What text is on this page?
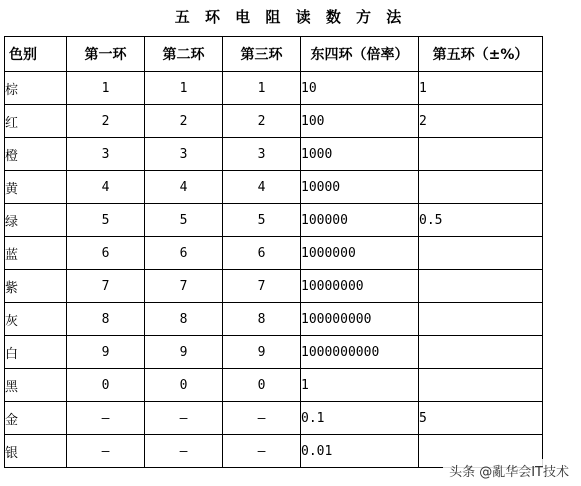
五 环 电 阻 读 数 方 法
色别	第一环	第二环	第三环	东四环（倍率）	第五环（±%）
棕	1	1	1	10	1
红	2	2	2	100	2
橙	3	3	3	1000	
黄	4	4	4	10000	
绿	5	5	5	100000	0.5
蓝	6	6	6	1000000	
紫	7	7	7	10000000	
灰	8	8	8	100000000	
白	9	9	9	1000000000	
黑	0	0	0	1	
金	—	—	—	0.1	5
银	—	—	—	0.01	
头条 @亂华会IT技术
